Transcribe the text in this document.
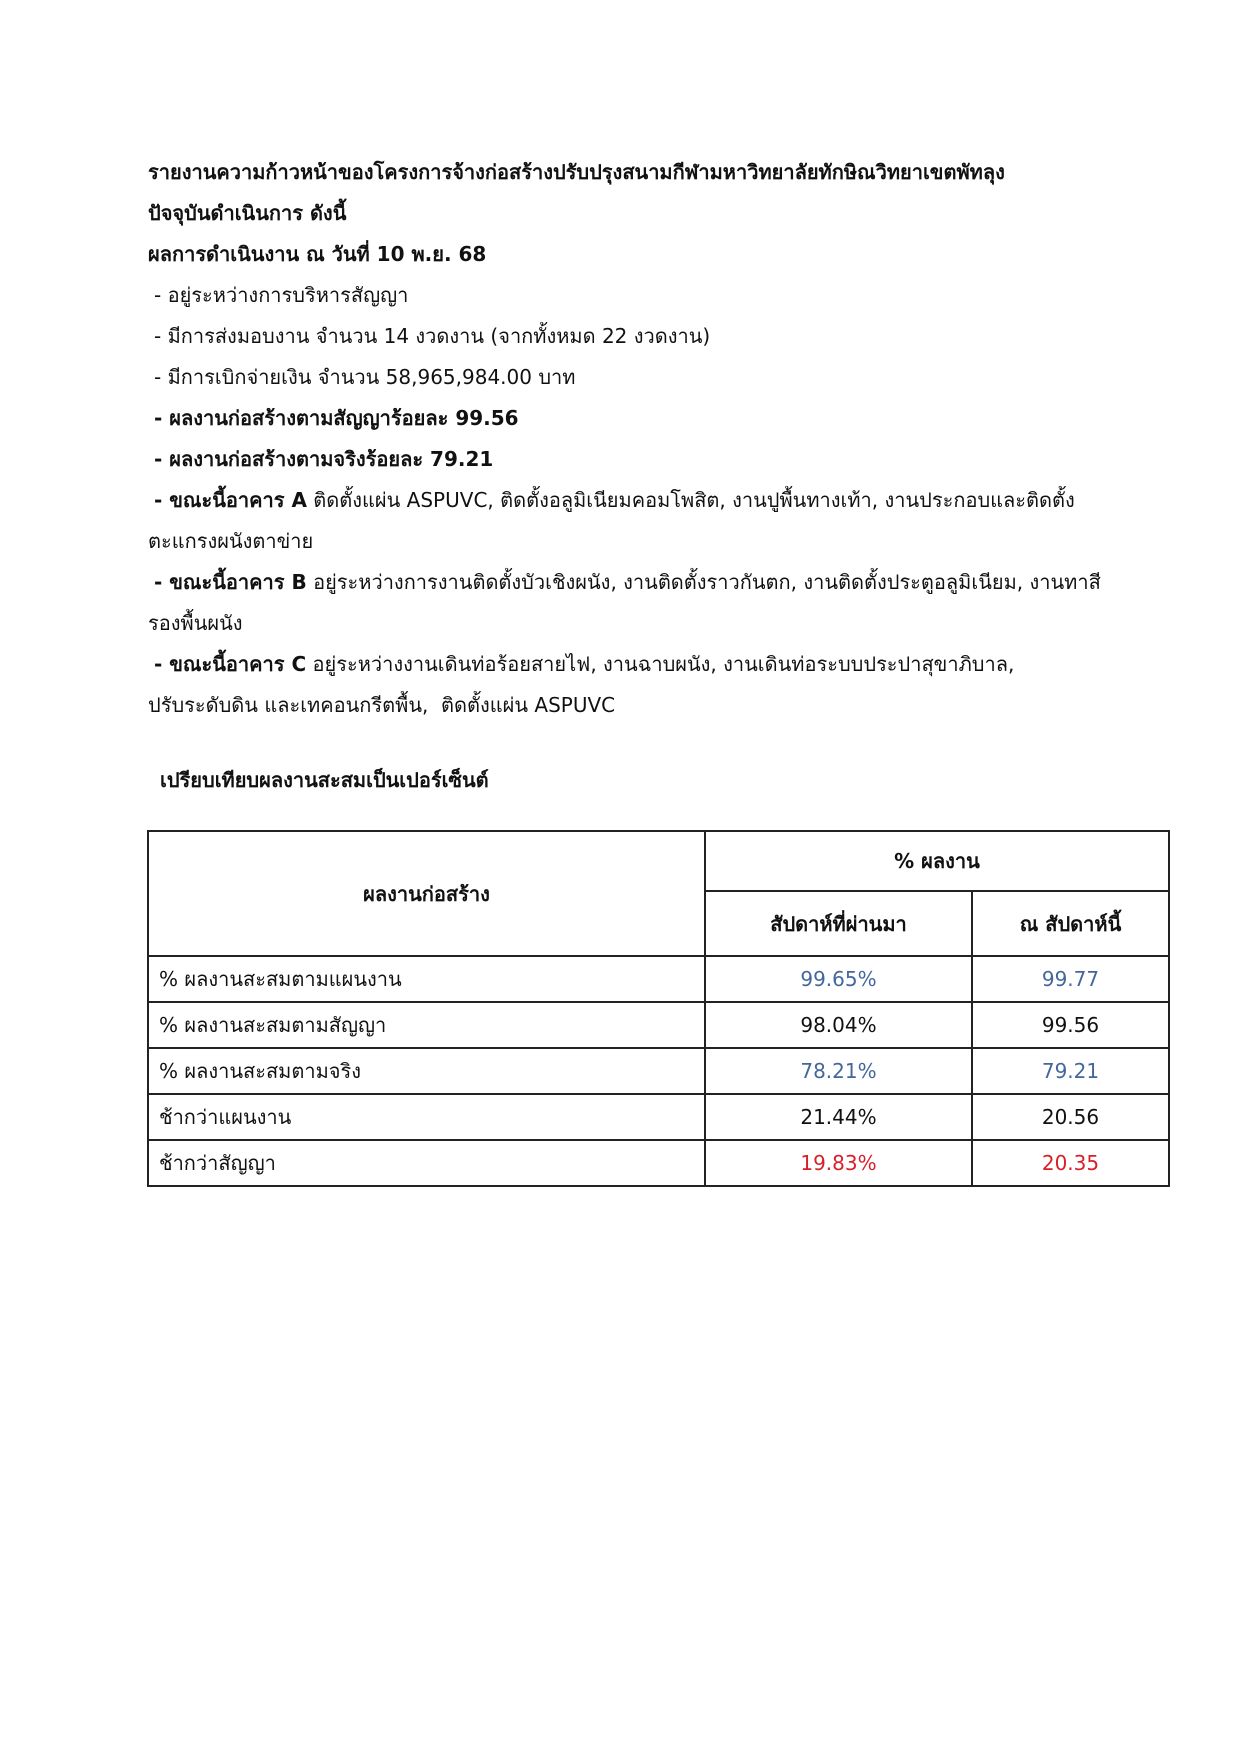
รายงานความก้าวหน้าของโครงการจ้างก่อสร้างปรับปรุงสนามกีฬามหาวิทยาลัยทักษิณวิทยาเขตพัทลุง
ปัจจุบันดำเนินการ ดังนี้
ผลการดำเนินงาน ณ วันที่ 10 พ.ย. 68
- อยู่ระหว่างการบริหารสัญญา
- มีการส่งมอบงาน จำนวน 14 งวดงาน (จากทั้งหมด 22 งวดงาน)
- มีการเบิกจ่ายเงิน จำนวน 58,965,984.00 บาท
- ผลงานก่อสร้างตามสัญญาร้อยละ 99.56
- ผลงานก่อสร้างตามจริงร้อยละ 79.21
- ขณะนี้อาคาร A ติดตั้งแผ่น ASPUVC, ติดตั้งอลูมิเนียมคอมโพสิต, งานปูพื้นทางเท้า, งานประกอบและติดตั้ง
ตะแกรงผนังตาข่าย
- ขณะนี้อาคาร B อยู่ระหว่างการงานติดตั้งบัวเชิงผนัง, งานติดตั้งราวกันตก, งานติดตั้งประตูอลูมิเนียม, งานทาสี
รองพื้นผนัง
- ขณะนี้อาคาร C อยู่ระหว่างงานเดินท่อร้อยสายไฟ, งานฉาบผนัง, งานเดินท่อระบบประปาสุขาภิบาล,
ปรับระดับดิน และเทคอนกรีตพื้น,  ติดตั้งแผ่น ASPUVC
เปรียบเทียบผลงานสะสมเป็นเปอร์เซ็นต์
ผลงานก่อสร้าง	% ผลงาน	
	สัปดาห์ที่ผ่านมา	ณ สัปดาห์นี้
% ผลงานสะสมตามแผนงาน	99.65%	99.77
% ผลงานสะสมตามสัญญา	98.04%	99.56
% ผลงานสะสมตามจริง	78.21%	79.21
ช้ากว่าแผนงาน	21.44%	20.56
ช้ากว่าสัญญา	19.83%	20.35
